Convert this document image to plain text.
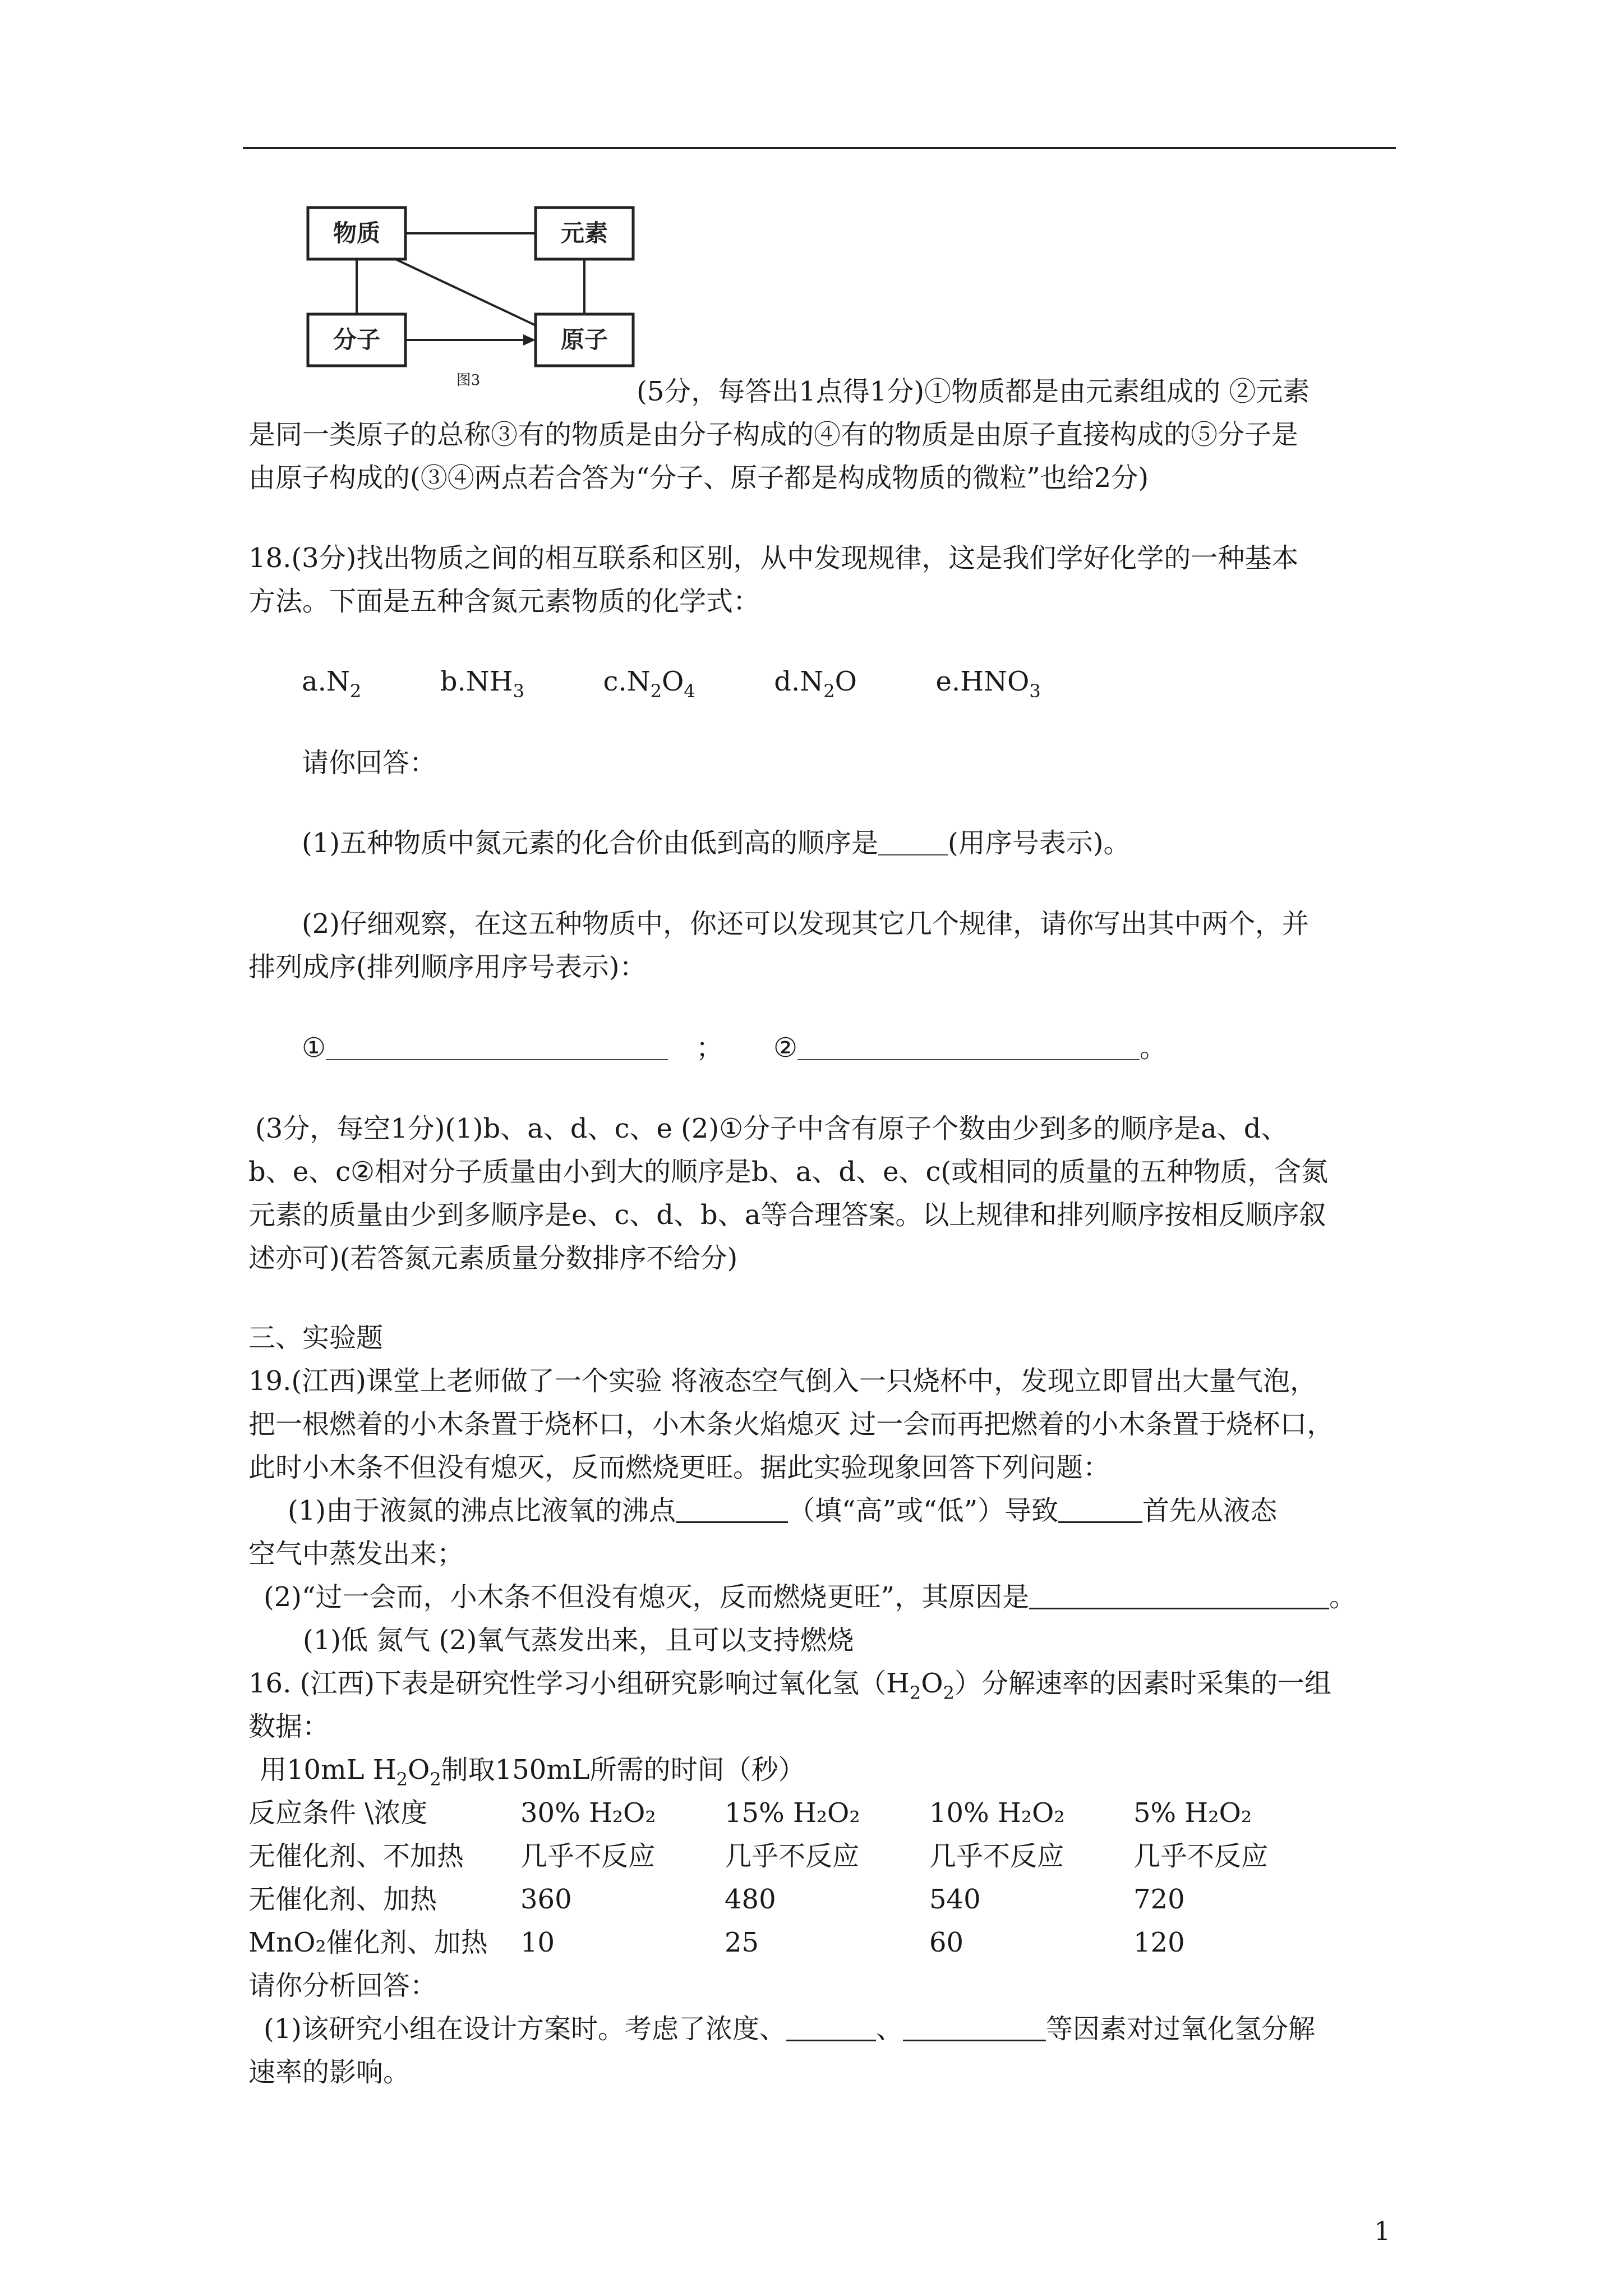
物质	元素
分子	原子
图3	(5分，每答出1点得1分)①物质都是由元素组成的 ②元素
是同一类原子的总称③有的物质是由分子构成的④有的物质是由原子直接构成的⑤分子是
由原子构成的(③④两点若合答为“分子、原子都是构成物质的微粒”也给2分)
18.(3分)找出物质之间的相互联系和区别，从中发现规律，这是我们学好化学的一种基本
方法。下面是五种含氮元素物质的化学式：
$a.N_2$	$b.NH_3$	$c.N_2O_4$	$d.N_2O$	$e.HNO_3$
请你回答：
(1)五种物质中氮元素的化合价由低到高的顺序是	(用序号表示)。
(2)仔细观察，在这五种物质中，你还可以发现其它几个规律，请你写出其中两个，并
排列成序(排列顺序用序号表示)：
①	； ②	。
(3分，每空1分)(1)b、a、d、c、e (2)①分子中含有原子个数由少到多的顺序是a、d、
b、e、c②相对分子质量由小到大的顺序是b、a、d、e、c(或相同的质量的五种物质，含氮
元素的质量由少到多顺序是e、c、d、b、a等合理答案。以上规律和排列顺序按相反顺序叙
述亦可)(若答氮元素质量分数排序不给分)
三、实验题
19.(江西)课堂上老师做了一个实验 将液态空气倒入一只烧杯中，发现立即冒出大量气泡，
把一根燃着的小木条置于烧杯口，小木条火焰熄灭 过一会而再把燃着的小木条置于烧杯口，
此时小木条不但没有熄灭，反而燃烧更旺。据此实验现象回答下列问题：
(1)由于液氮的沸点比液氧的沸点	（填“高”或“低”）导致	首先从液态
空气中蒸发出来；
(2)“过一会而，小木条不但没有熄灭，反而燃烧更旺”，其原因是	。
(1)低 氮气 (2)氧气蒸发出来，且可以支持燃烧
16. (江西)下表是研究性学习小组研究影响过氧化氢$(H_2O_2)$分解速率的因素时采集的一组
数据：
用10mL $H_2O_2$制取150mL所需的时间（秒）
反应条件 \浓度	30% H₂O₂	15% H₂O₂	10% H₂O₂	5% H₂O₂
无催化剂、不加热 几乎不反应	几乎不反应	几乎不反应	几乎不反应
无催化剂、加热	360	480	540	720
MnO₂催化剂、加热 10	25	60	120
请你分析回答：
(1)该研究小组在设计方案时。考虑了浓度、	、	等因素对过氧化氢分解
速率的影响。
1
